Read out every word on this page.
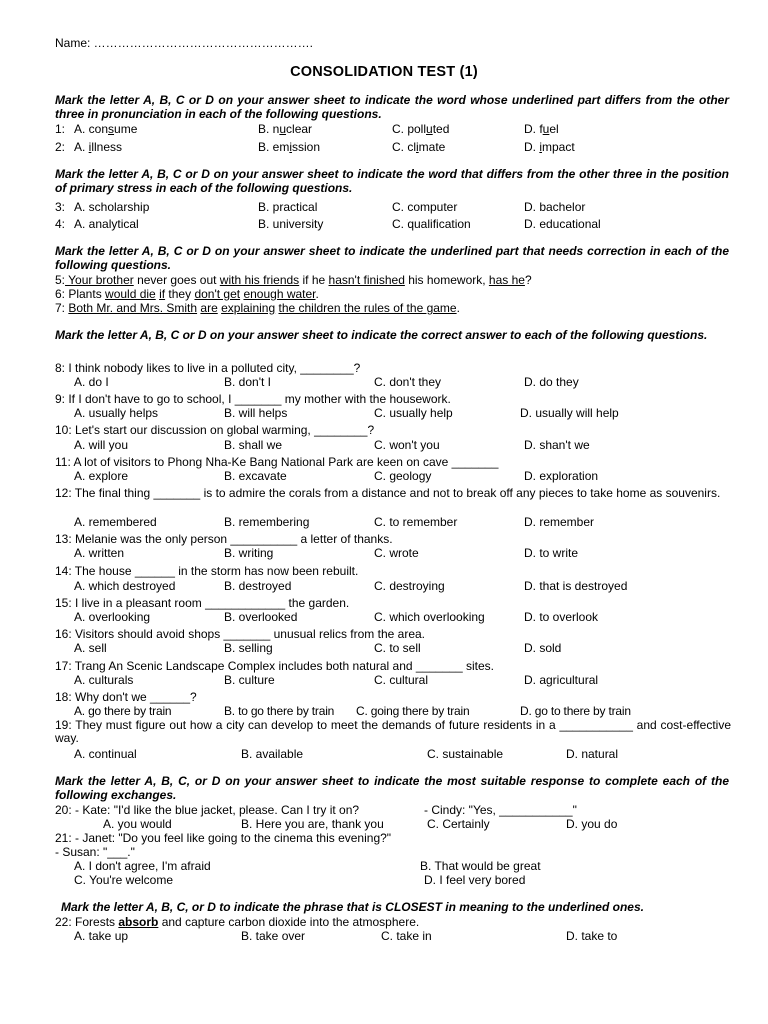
Name: ……………………………………………….
CONSOLIDATION TEST (1)
Mark the letter A, B, C or D on your answer sheet to indicate the word whose underlined part differs from the other three in pronunciation in each of the following questions.
1: A. consume	B. nuclear	C. polluted	D. fuel
2: A. illness	B. emission	C. climate	D. impact
Mark the letter A, B, C or D on your answer sheet to indicate the word that differs from the other three in the position of primary stress in each of the following questions.
3: A. scholarship	B. practical	C. computer	D. bachelor
4: A. analytical	B. university	C. qualification	D. educational
Mark the letter A, B, C or D on your answer sheet to indicate the underlined part that needs correction in each of the following questions.
5: Your brother never goes out with his friends if he hasn't finished his homework, has he?
6: Plants would die if they don't get enough water.
7: Both Mr. and Mrs. Smith are explaining the children the rules of the game.
Mark the letter A, B, C or D on your answer sheet to indicate the correct answer to each of the following questions.
8: I think nobody likes to live in a polluted city, ________?
A. do I	B. don't I	C. don't they	D. do they
9: If I don't have to go to school, I _______ my mother with the housework.
A. usually helps	B. will helps	C. usually help	D. usually will help
10: Let's start our discussion on global warming, ________?
A. will you	B. shall we	C. won't you	D. shan't we
11: A lot of visitors to Phong Nha-Ke Bang National Park are keen on cave _______
A. explore	B. excavate	C. geology	D. exploration
12: The final thing _______ is to admire the corals from a distance and not to break off any pieces to take home as souvenirs.
A. remembered	B. remembering	C. to remember	D. remember
13: Melanie was the only person __________ a letter of thanks.
A. written	B. writing	C. wrote	D. to write
14: The house ______ in the storm has now been rebuilt.
A. which destroyed	B. destroyed	C. destroying	D. that is destroyed
15: I live in a pleasant room ____________ the garden.
A. overlooking	B. overlooked	C. which overlooking	D. to overlook
16: Visitors should avoid shops _______ unusual relics from the area.
A. sell	B. selling	C. to sell	D. sold
17: Trang An Scenic Landscape Complex includes both natural and _______ sites.
A. culturals	B. culture	C. cultural	D. agricultural
18: Why don't we ______?
A. go there by train	B. to go there by train C. going there by train	D. go to there by train
19: They must figure out how a city can develop to meet the demands of future residents in a ___________ and cost-effective way.
A. continual	B. available	C. sustainable	D. natural
Mark the letter A, B, C, or D on your answer sheet to indicate the most suitable response to complete each of the following exchanges.
20: - Kate: "I'd like the blue jacket, please. Can I try it on?	- Cindy: "Yes, ___________"
A. you would	B. Here you are, thank you	C. Certainly	D. you do
21: - Janet: "Do you feel like going to the cinema this evening?"
- Susan: "___."
A. I don't agree, I'm afraid	B. That would be great
C. You're welcome	D. I feel very bored
Mark the letter A, B, C, or D to indicate the phrase that is CLOSEST in meaning to the underlined ones.
22: Forests absorb and capture carbon dioxide into the atmosphere.
A. take up	B. take over	C. take in	D. take to
